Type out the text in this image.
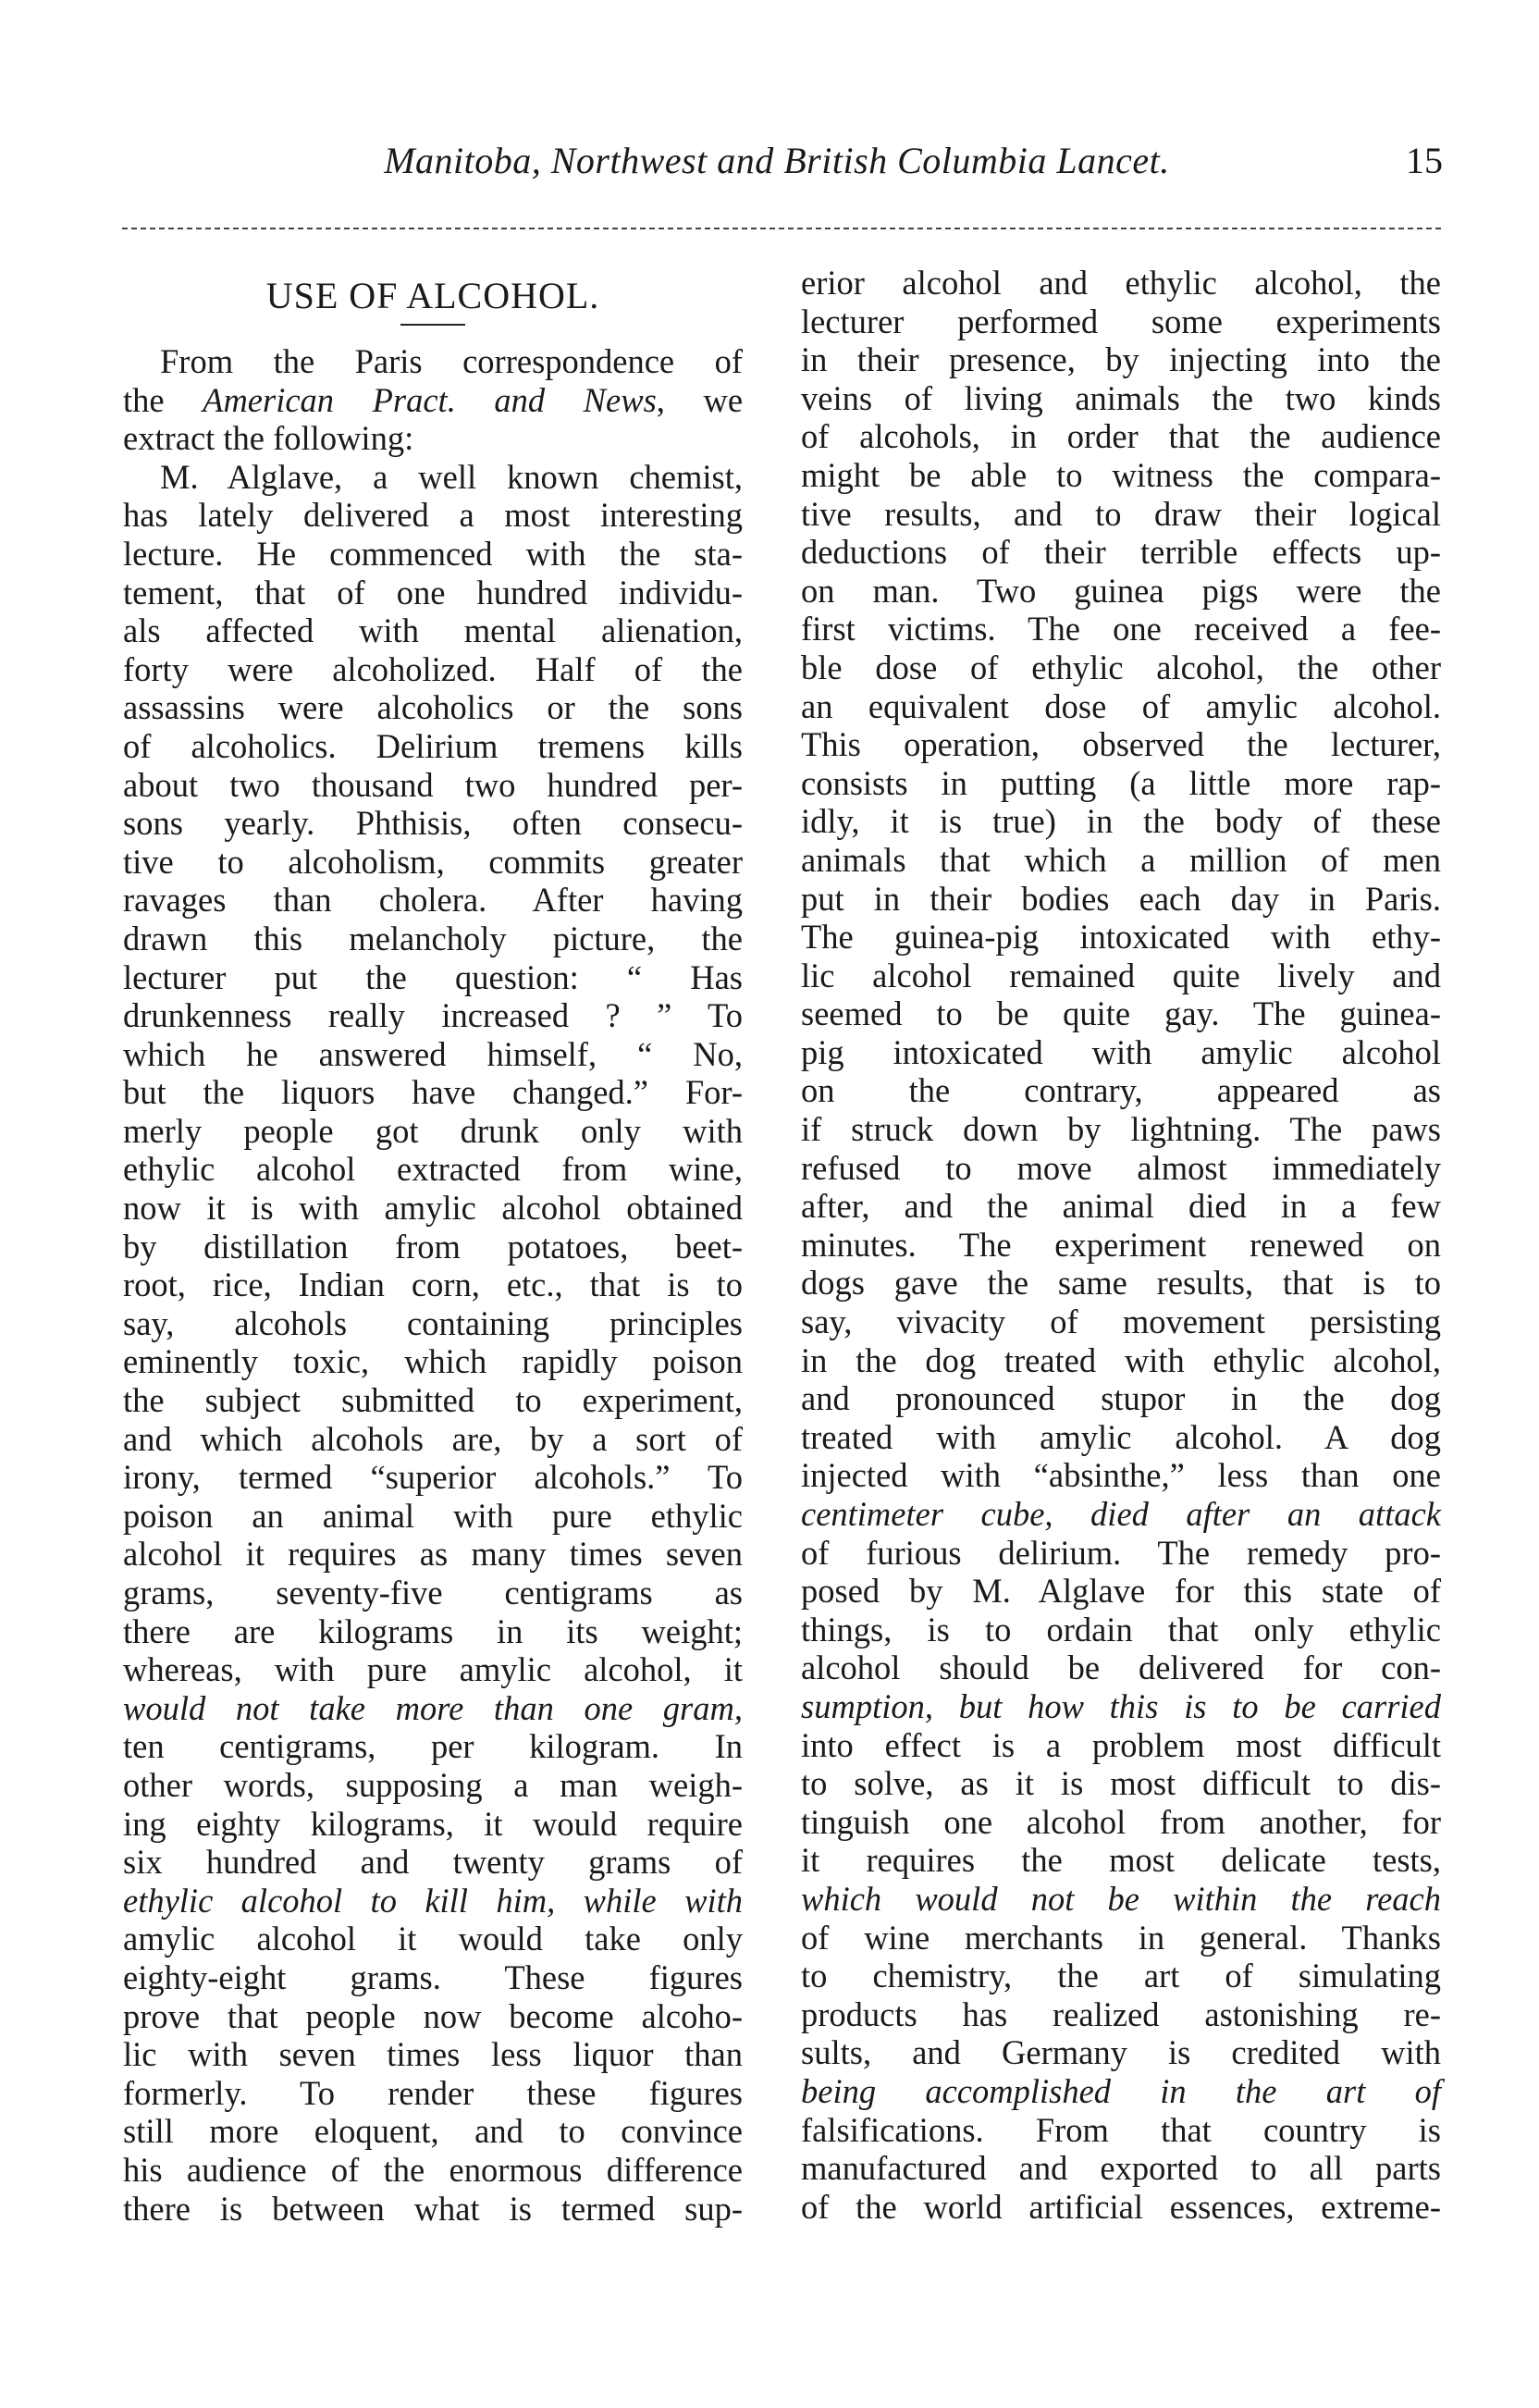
Manitoba, Northwest and British Columbia Lancet.	15
USE OF ALCOHOL.
From the Paris correspondence of
the American Pract. and News, we
extract the following:
M. Alglave, a well known chemist,
has lately delivered a most interesting
lecture. He commenced with the sta-
tement, that of one hundred individu-
als affected with mental alienation,
forty were alcoholized. Half of the
assassins were alcoholics or the sons
of alcoholics. Delirium tremens kills
about two thousand two hundred per-
sons yearly. Phthisis, often consecu-
tive to alcoholism, commits greater
ravages than cholera. After having
drawn this melancholy picture, the
lecturer put the question: “ Has
drunkenness really increased ? ” To
which he answered himself, “ No,
but the liquors have changed.” For-
merly people got drunk only with
ethylic alcohol extracted from wine,
now it is with amylic alcohol obtained
by distillation from potatoes, beet-
root, rice, Indian corn, etc., that is to
say, alcohols containing principles
eminently toxic, which rapidly poison
the subject submitted to experiment,
and which alcohols are, by a sort of
irony, termed “superior alcohols.” To
poison an animal with pure ethylic
alcohol it requires as many times seven
grams, seventy-five centigrams as
there are kilograms in its weight;
whereas, with pure amylic alcohol, it
would not take more than one gram,
ten centigrams, per kilogram. In
other words, supposing a man weigh-
ing eighty kilograms, it would require
six hundred and twenty grams of
ethylic alcohol to kill him, while with
amylic alcohol it would take only
eighty-eight grams. These figures
prove that people now become alcoho-
lic with seven times less liquor than
formerly. To render these figures
still more eloquent, and to convince
his audience of the enormous difference
there is between what is termed sup-
erior alcohol and ethylic alcohol, the
lecturer performed some experiments
in their presence, by injecting into the
veins of living animals the two kinds
of alcohols, in order that the audience
might be able to witness the compara-
tive results, and to draw their logical
deductions of their terrible effects up-
on man. Two guinea pigs were the
first victims. The one received a fee-
ble dose of ethylic alcohol, the other
an equivalent dose of amylic alcohol.
This operation, observed the lecturer,
consists in putting (a little more rap-
idly, it is true) in the body of these
animals that which a million of men
put in their bodies each day in Paris.
The guinea-pig intoxicated with ethy-
lic alcohol remained quite lively and
seemed to be quite gay. The guinea-
pig intoxicated with amylic alcohol
on the contrary, appeared as
if struck down by lightning. The paws
refused to move almost immediately
after, and the animal died in a few
minutes. The experiment renewed on
dogs gave the same results, that is to
say, vivacity of movement persisting
in the dog treated with ethylic alcohol,
and pronounced stupor in the dog
treated with amylic alcohol. A dog
injected with “absinthe,” less than one
centimeter cube, died after an attack
of furious delirium. The remedy pro-
posed by M. Alglave for this state of
things, is to ordain that only ethylic
alcohol should be delivered for con-
sumption, but how this is to be carried
into effect is a problem most difficult
to solve, as it is most difficult to dis-
tinguish one alcohol from another, for
it requires the most delicate tests,
which would not be within the reach
of wine merchants in general. Thanks
to chemistry, the art of simulating
products has realized astonishing re-
sults, and Germany is credited with
being accomplished in the art of
falsifications. From that country is
manufactured and exported to all parts
of the world artificial essences, extreme-
